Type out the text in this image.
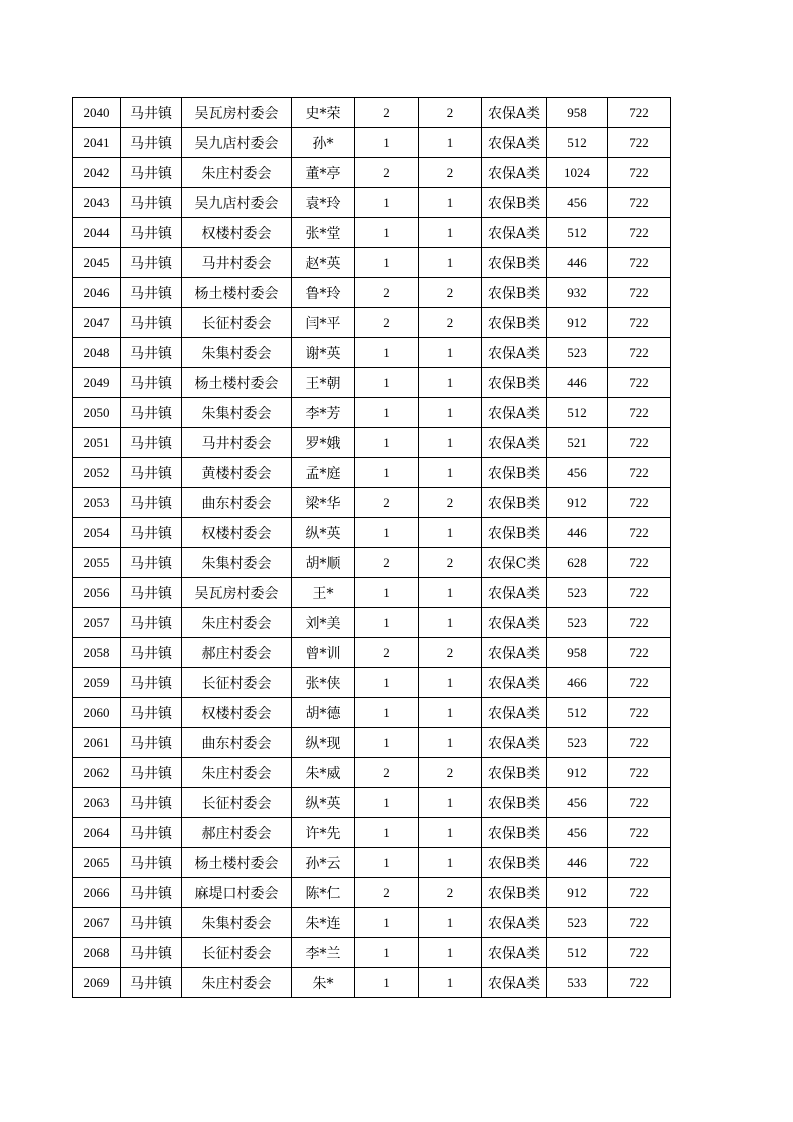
2040	马井镇	吴瓦房村委会	史*荣	2	2	农保A类	958	722
2041	马井镇	吴九店村委会	孙*	1	1	农保A类	512	722
2042	马井镇	朱庄村委会	董*亭	2	2	农保A类	1024	722
2043	马井镇	吴九店村委会	袁*玲	1	1	农保B类	456	722
2044	马井镇	权楼村委会	张*堂	1	1	农保A类	512	722
2045	马井镇	马井村委会	赵*英	1	1	农保B类	446	722
2046	马井镇	杨土楼村委会	鲁*玲	2	2	农保B类	932	722
2047	马井镇	长征村委会	闫*平	2	2	农保B类	912	722
2048	马井镇	朱集村委会	谢*英	1	1	农保A类	523	722
2049	马井镇	杨土楼村委会	王*朝	1	1	农保B类	446	722
2050	马井镇	朱集村委会	李*芳	1	1	农保A类	512	722
2051	马井镇	马井村委会	罗*娥	1	1	农保A类	521	722
2052	马井镇	黄楼村委会	孟*庭	1	1	农保B类	456	722
2053	马井镇	曲东村委会	梁*华	2	2	农保B类	912	722
2054	马井镇	权楼村委会	纵*英	1	1	农保B类	446	722
2055	马井镇	朱集村委会	胡*顺	2	2	农保C类	628	722
2056	马井镇	吴瓦房村委会	王*	1	1	农保A类	523	722
2057	马井镇	朱庄村委会	刘*美	1	1	农保A类	523	722
2058	马井镇	郝庄村委会	曾*训	2	2	农保A类	958	722
2059	马井镇	长征村委会	张*侠	1	1	农保A类	466	722
2060	马井镇	权楼村委会	胡*德	1	1	农保A类	512	722
2061	马井镇	曲东村委会	纵*现	1	1	农保A类	523	722
2062	马井镇	朱庄村委会	朱*威	2	2	农保B类	912	722
2063	马井镇	长征村委会	纵*英	1	1	农保B类	456	722
2064	马井镇	郝庄村委会	许*先	1	1	农保B类	456	722
2065	马井镇	杨土楼村委会	孙*云	1	1	农保B类	446	722
2066	马井镇	麻堤口村委会	陈*仁	2	2	农保B类	912	722
2067	马井镇	朱集村委会	朱*连	1	1	农保A类	523	722
2068	马井镇	长征村委会	李*兰	1	1	农保A类	512	722
2069	马井镇	朱庄村委会	朱*	1	1	农保A类	533	722
